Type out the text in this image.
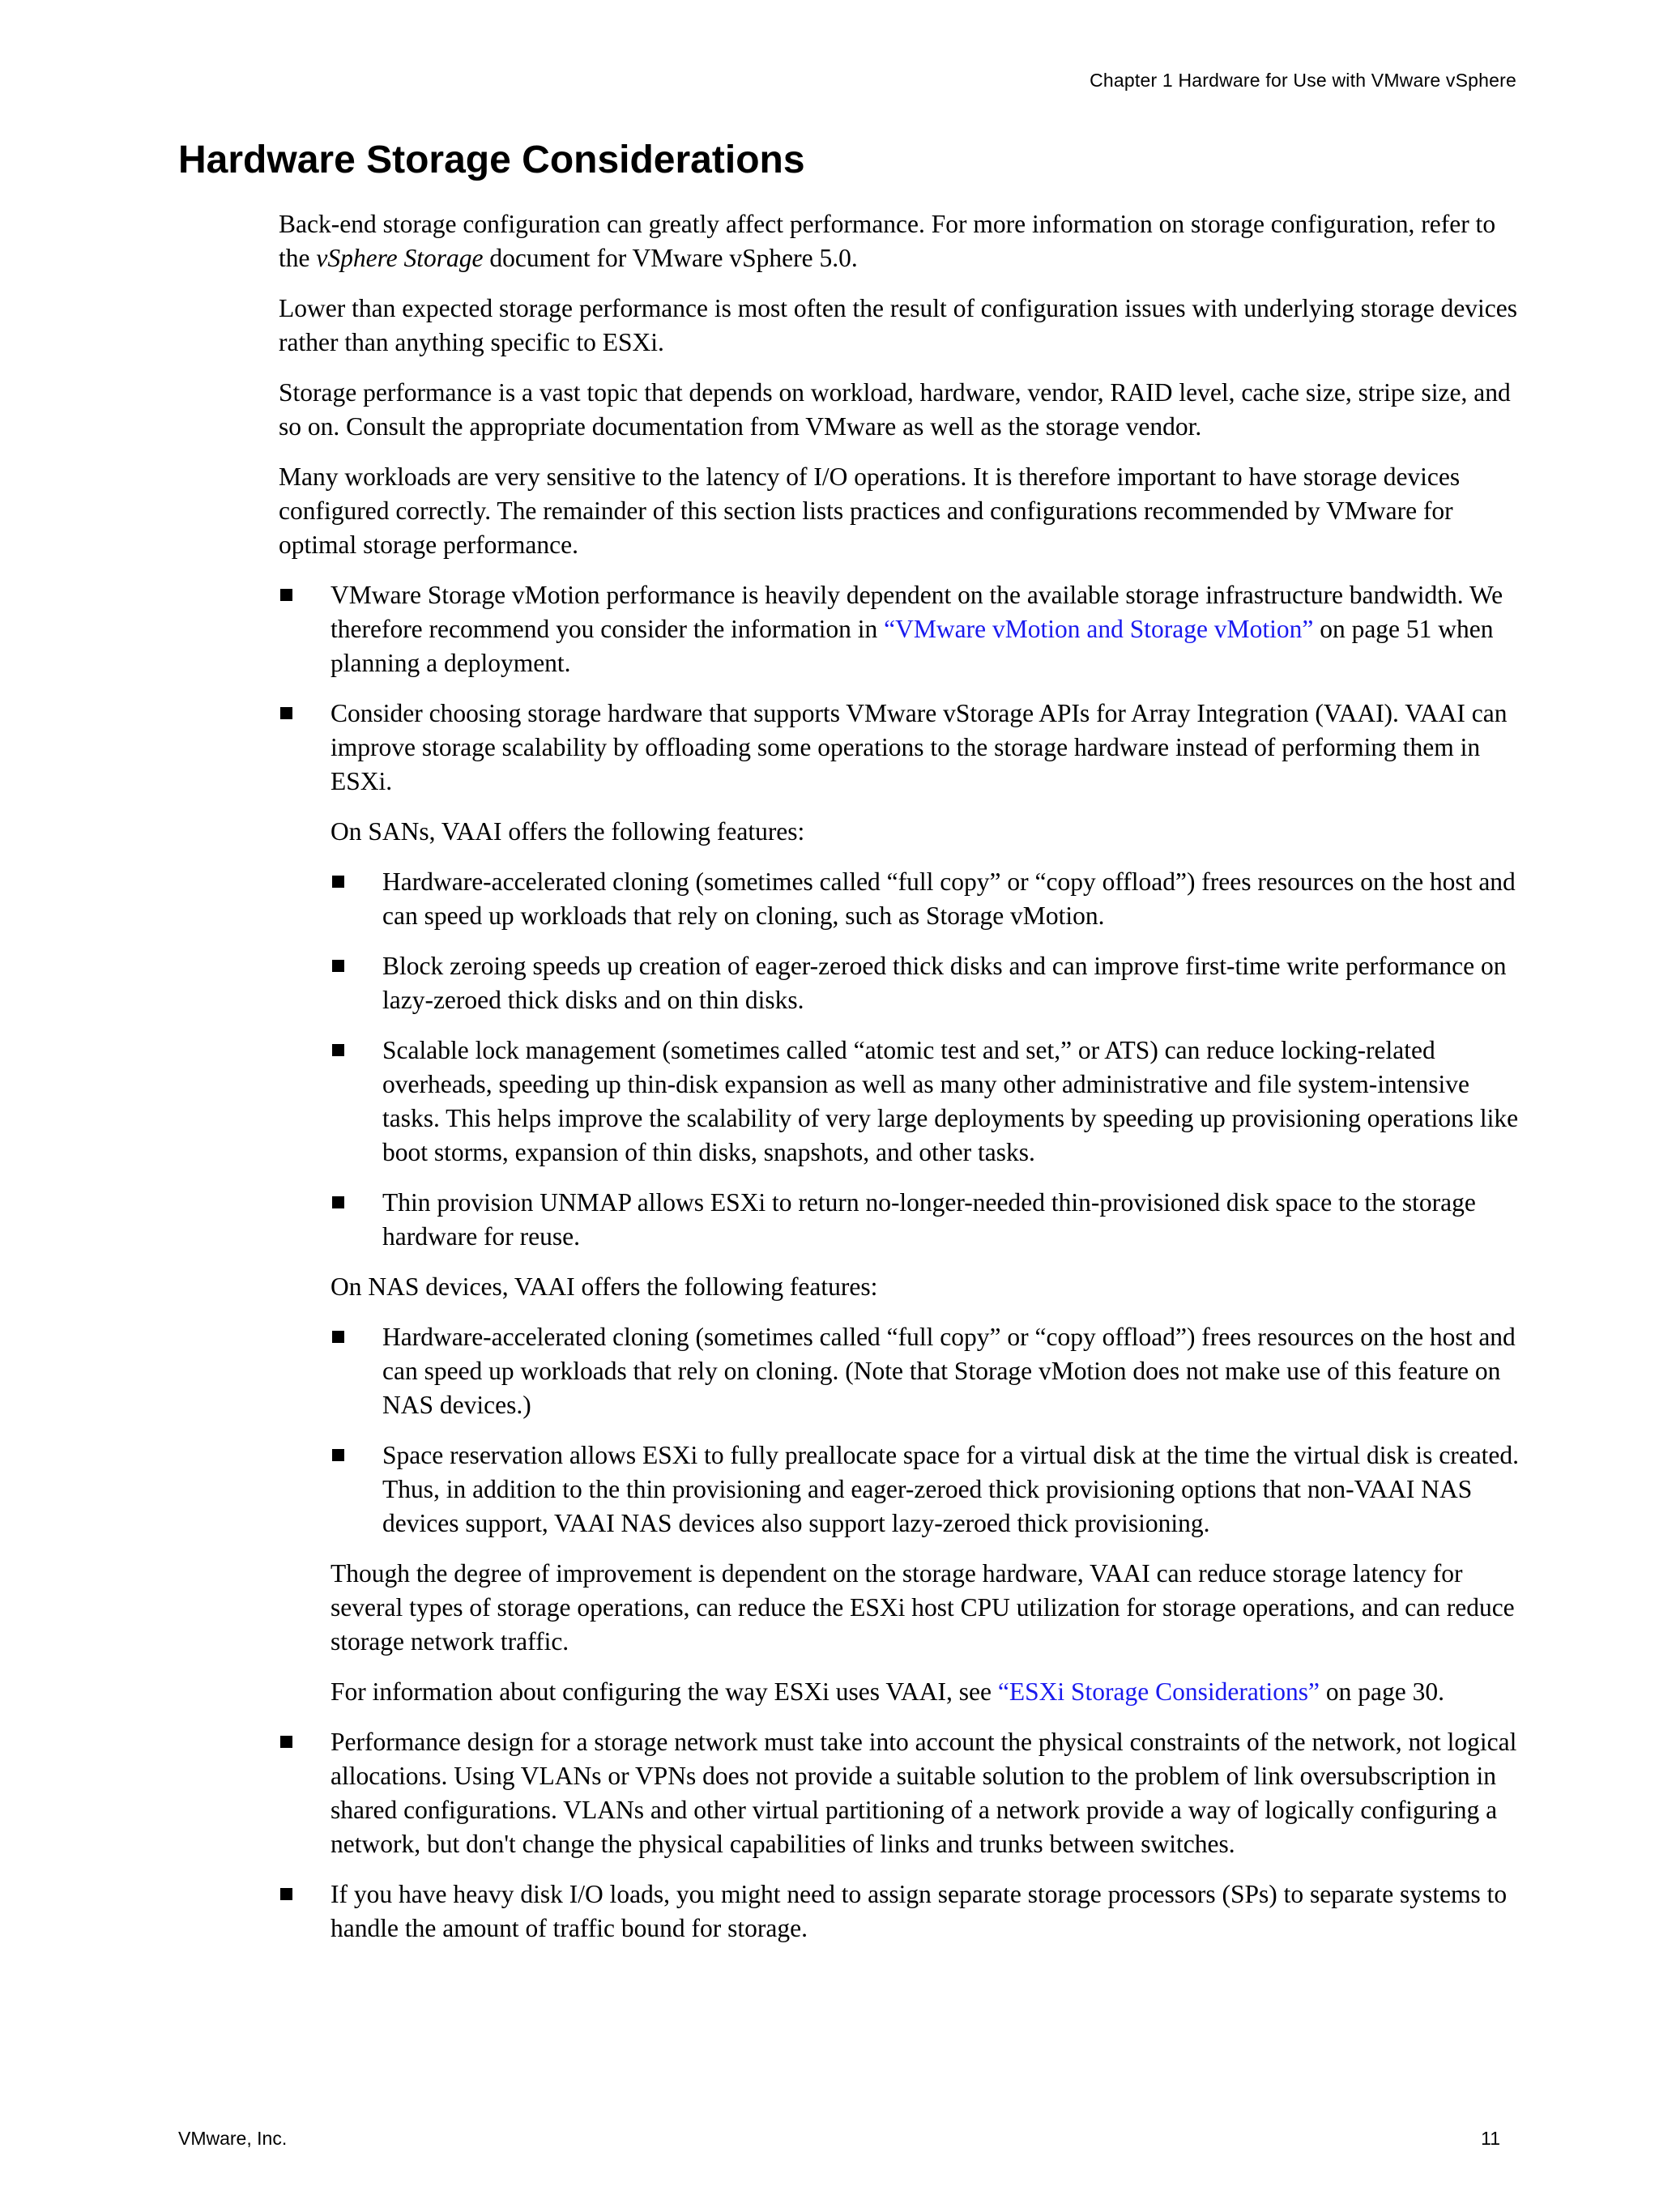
Chapter 1 Hardware for Use with VMware vSphere
Hardware Storage Considerations

Back-end storage configuration can greatly affect performance. For more information on storage configuration, refer to the vSphere Storage document for VMware vSphere 5.0.

Lower than expected storage performance is most often the result of configuration issues with underlying storage devices rather than anything specific to ESXi.

Storage performance is a vast topic that depends on workload, hardware, vendor, RAID level, cache size, stripe size, and so on. Consult the appropriate documentation from VMware as well as the storage vendor.

Many workloads are very sensitive to the latency of I/O operations. It is therefore important to have storage devices configured correctly. The remainder of this section lists practices and configurations recommended by VMware for optimal storage performance.

VMware Storage vMotion performance is heavily dependent on the available storage infrastructure bandwidth. We therefore recommend you consider the information in “VMware vMotion and Storage vMotion” on page 51 when planning a deployment.

Consider choosing storage hardware that supports VMware vStorage APIs for Array Integration (VAAI). VAAI can improve storage scalability by offloading some operations to the storage hardware instead of performing them in ESXi.

On SANs, VAAI offers the following features:

Hardware-accelerated cloning (sometimes called “full copy” or “copy offload”) frees resources on the host and can speed up workloads that rely on cloning, such as Storage vMotion.
Block zeroing speeds up creation of eager-zeroed thick disks and can improve first-time write performance on lazy-zeroed thick disks and on thin disks.
Scalable lock management (sometimes called “atomic test and set,” or ATS) can reduce locking-related overheads, speeding up thin-disk expansion as well as many other administrative and file system-intensive tasks. This helps improve the scalability of very large deployments by speeding up provisioning operations like boot storms, expansion of thin disks, snapshots, and other tasks.
Thin provision UNMAP allows ESXi to return no-longer-needed thin-provisioned disk space to the storage hardware for reuse.

On NAS devices, VAAI offers the following features:

Hardware-accelerated cloning (sometimes called “full copy” or “copy offload”) frees resources on the host and can speed up workloads that rely on cloning. (Note that Storage vMotion does not make use of this feature on NAS devices.)
Space reservation allows ESXi to fully preallocate space for a virtual disk at the time the virtual disk is created. Thus, in addition to the thin provisioning and eager-zeroed thick provisioning options that non-VAAI NAS devices support, VAAI NAS devices also support lazy-zeroed thick provisioning.

Though the degree of improvement is dependent on the storage hardware, VAAI can reduce storage latency for several types of storage operations, can reduce the ESXi host CPU utilization for storage operations, and can reduce storage network traffic.

For information about configuring the way ESXi uses VAAI, see “ESXi Storage Considerations” on page 30.

Performance design for a storage network must take into account the physical constraints of the network, not logical allocations. Using VLANs or VPNs does not provide a suitable solution to the problem of link oversubscription in shared configurations. VLANs and other virtual partitioning of a network provide a way of logically configuring a network, but don't change the physical capabilities of links and trunks between switches.
If you have heavy disk I/O loads, you might need to assign separate storage processors (SPs) to separate systems to handle the amount of traffic bound for storage.
VMware, Inc.	11
